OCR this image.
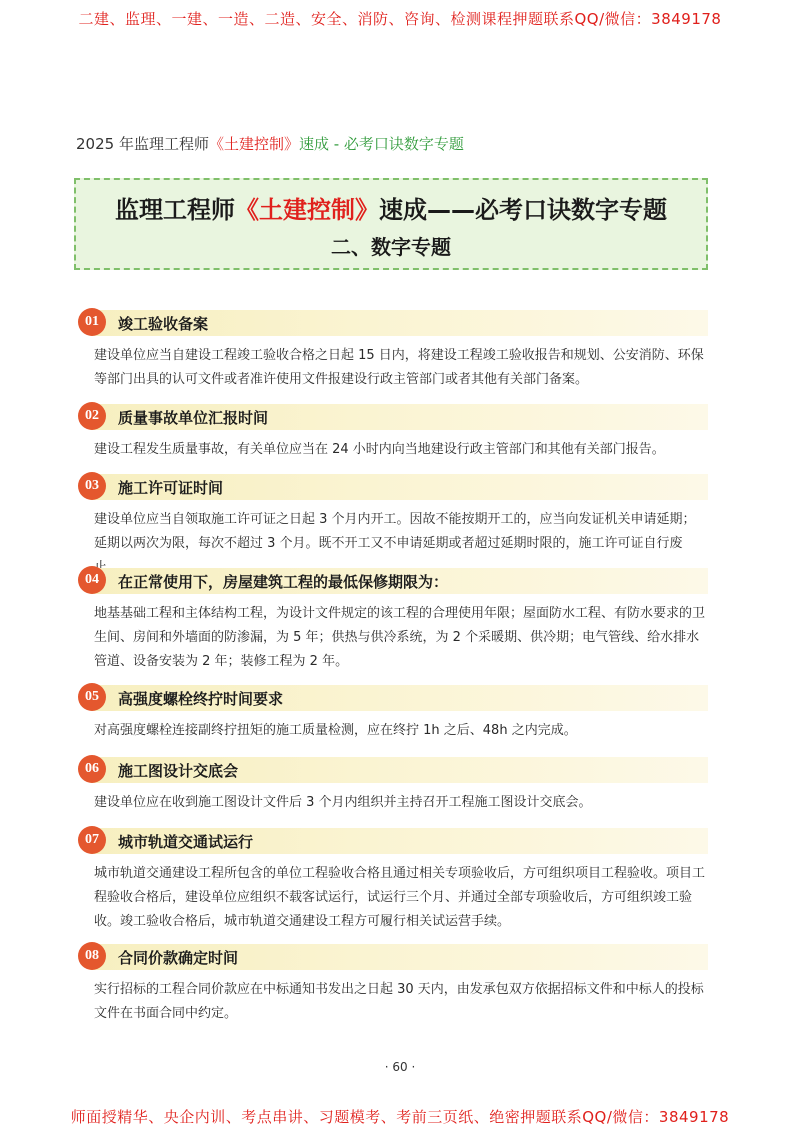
二建、监理、一建、一造、二造、安全、消防、咨询、检测课程押题联系QQ/微信：3849178
2025 年监理工程师《土建控制》速成 - 必考口诀数字专题
监理工程师《土建控制》速成——必考口诀数字专题
二、数字专题
01	竣工验收备案
建设单位应当自建设工程竣工验收合格之日起 15 日内，将建设工程竣工验收报告和规划、公安消防、环保等部门出具的认可文件或者准许使用文件报建设行政主管部门或者其他有关部门备案。
02	质量事故单位汇报时间
建设工程发生质量事故，有关单位应当在 24 小时内向当地建设行政主管部门和其他有关部门报告。
03	施工许可证时间
建设单位应当自领取施工许可证之日起 3 个月内开工。因故不能按期开工的，应当向发证机关申请延期；延期以两次为限，每次不超过 3 个月。既不开工又不申请延期或者超过延期时限的，施工许可证自行废
04	在正常使用下，房屋建筑工程的最低保修期限为：
地基基础工程和主体结构工程，为设计文件规定的该工程的合理使用年限；屋面防水工程、有防水要求的卫生间、房间和外墙面的防渗漏，为 5 年；供热与供冷系统，为 2 个采暖期、供冷期；电气管线、给水排水管道、设备安装为 2 年；装修工程为 2 年。
05	高强度螺栓终拧时间要求
对高强度螺栓连接副终拧扭矩的施工质量检测，应在终拧 1h 之后、48h 之内完成。
06	施工图设计交底会
建设单位应在收到施工图设计文件后 3 个月内组织并主持召开工程施工图设计交底会。
07	城市轨道交通试运行
城市轨道交通建设工程所包含的单位工程验收合格且通过相关专项验收后，方可组织项目工程验收。项目工程验收合格后，建设单位应组织不载客试运行，试运行三个月、并通过全部专项验收后，方可组织竣工验收。竣工验收合格后，城市轨道交通建设工程方可履行相关试运营手续。
08	合同价款确定时间
实行招标的工程合同价款应在中标通知书发出之日起 30 天内，由发承包双方依据招标文件和中标人的投标文件在书面合同中约定。
· 60 ·
师面授精华、央企内训、考点串讲、习题模考、考前三页纸、绝密押题联系QQ/微信：3849178
